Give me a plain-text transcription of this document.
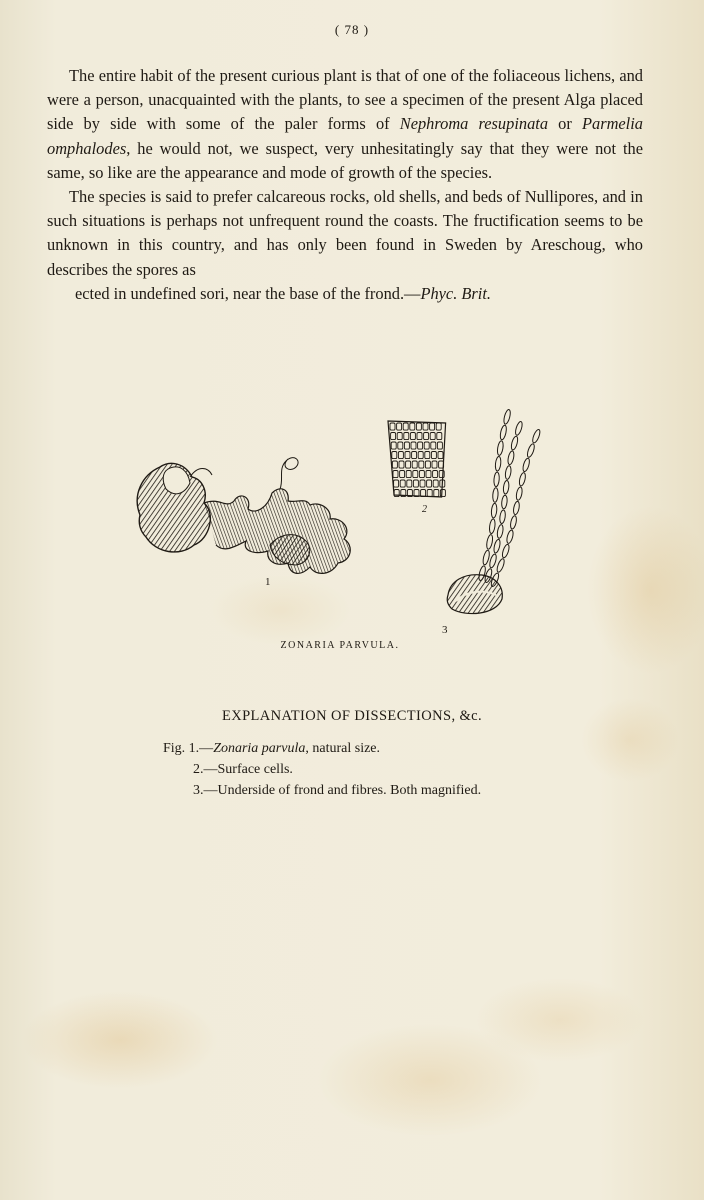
( 78 )

The entire habit of the present curious plant is that of one of the foliaceous lichens, and were a person, unacquainted with the plants, to see a specimen of the present Alga placed side by side with some of the paler forms of Nephroma resupinata or Parmelia omphalodes, he would not, we suspect, very unhesitatingly say that they were not the same, so like are the appearance and mode of growth of the species.

The species is said to prefer calcareous rocks, old shells, and beds of Nullipores, and in such situations is perhaps not unfrequent round the coasts. The fructification seems to be unknown in this country, and has only been found in Sweden by Areschoug, who describes the spores as

ected in undefined sori, near the base of the frond.—Phyc. Brit.

1
2
3
ZONARIA PARVULA.
EXPLANATION OF DISSECTIONS, &c.
Fig. 1.—Zonaria parvula, natural size.
2.—Surface cells.
3.—Underside of frond and fibres. Both magnified.
